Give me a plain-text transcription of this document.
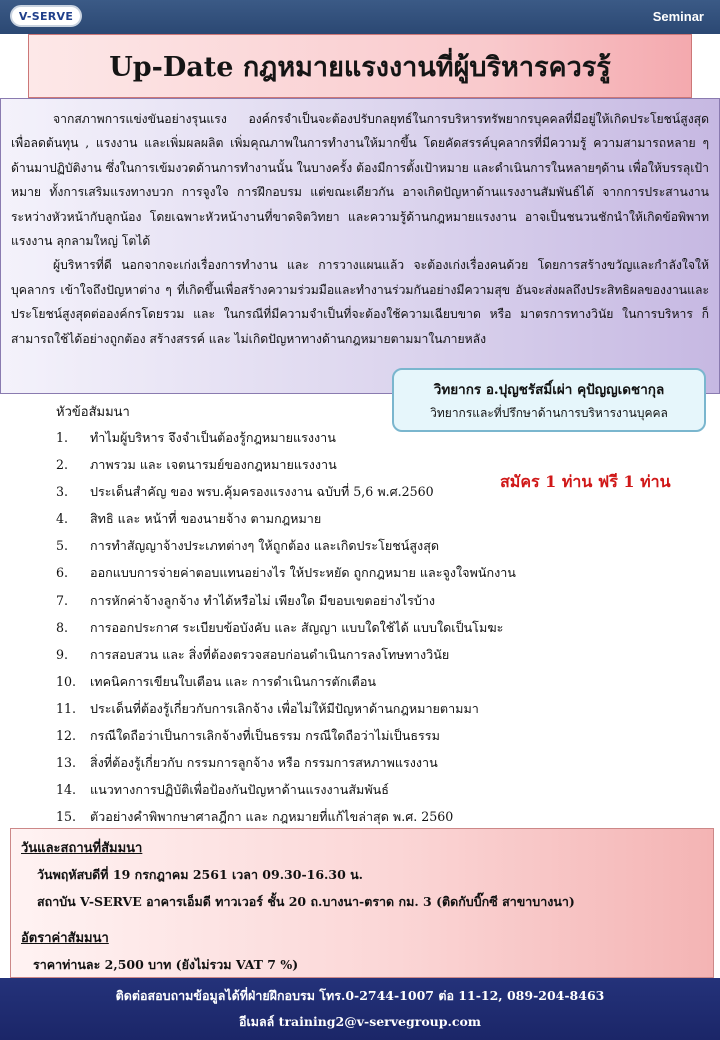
V-SERVE	Seminar
Up-Date กฎหมายแรงงานที่ผู้บริหารควรรู้

จากสภาพการแข่งขันอย่างรุนแรง องค์กรจำเป็นจะต้องปรับกลยุทธ์ในการบริหารทรัพยากรบุคคลที่มีอยู่ให้เกิดประโยชน์สูงสุด เพื่อลดต้นทุน , แรงงาน และเพิ่มผลผลิต เพิ่มคุณภาพในการทำงานให้มากขึ้น โดยคัดสรรค์บุคลากรที่มีความรู้ ความสามารถหลาย ๆ ด้านมาปฏิบัติงาน ซึ่งในการเข้มงวดด้านการทำงานนั้น ในบางครั้ง ต้องมีการตั้งเป้าหมาย และดำเนินการในหลายๆด้าน เพื่อให้บรรลุเป้าหมาย ทั้งการเสริมแรงทางบวก การจูงใจ การฝึกอบรม แต่ขณะเดียวกัน อาจเกิดปัญหาด้านแรงงานสัมพันธ์ได้ จากการประสานงานระหว่างหัวหน้ากับลูกน้อง โดยเฉพาะหัวหน้างานที่ขาดจิตวิทยา และความรู้ด้านกฎหมายแรงงาน อาจเป็นชนวนชักนำให้เกิดข้อพิพาทแรงงาน ลุกลามใหญ่ โตได้

ผู้บริหารที่ดี นอกจากจะเก่งเรื่องการทำงาน และ การวางแผนแล้ว จะต้องเก่งเรื่องคนด้วย โดยการสร้างขวัญและกำลังใจให้บุคลากร เข้าใจถึงปัญหาต่าง ๆ ที่เกิดขึ้นเพื่อสร้างความร่วมมือและทำงานร่วมกันอย่างมีความสุข อันจะส่งผลถึงประสิทธิผลของงานและประโยชน์สูงสุดต่อองค์กรโดยรวม และ ในกรณีที่มีความจำเป็นที่จะต้องใช้ความเฉียบขาด หรือ มาตรการทางวินัย ในการบริหาร ก็สามารถใช้ได้อย่างถูกต้อง สร้างสรรค์ และ ไม่เกิดปัญหาทางด้านกฎหมายตามมาในภายหลัง

หัวข้อสัมมนา
1.	ทำไมผู้บริหาร จึงจำเป็นต้องรู้กฎหมายแรงงาน
2.	ภาพรวม และ เจตนารมย์ของกฎหมายแรงงาน
3.	ประเด็นสำคัญ ของ พรบ.คุ้มครองแรงงาน ฉบับที่ 5,6 พ.ศ.2560
4.	สิทธิ และ หน้าที่ ของนายจ้าง ตามกฎหมาย
5.	การทำสัญญาจ้างประเภทต่างๆ ให้ถูกต้อง และเกิดประโยชน์สูงสุด
6.	ออกแบบการจ่ายค่าตอบแทนอย่างไร ให้ประหยัด ถูกกฎหมาย และจูงใจพนักงาน
7.	การหักค่าจ้างลูกจ้าง ทำได้หรือไม่ เพียงใด มีขอบเขตอย่างไรบ้าง
8.	การออกประกาศ ระเบียบข้อบังคับ และ สัญญา แบบใดใช้ได้ แบบใดเป็นโมฆะ
9.	การสอบสวน และ สิ่งที่ต้องตรวจสอบก่อนดำเนินการลงโทษทางวินัย
10.	เทคนิคการเขียนใบเตือน และ การดำเนินการตักเตือน
11.	ประเด็นที่ต้องรู้เกี่ยวกับการเลิกจ้าง เพื่อไม่ให้มีปัญหาด้านกฎหมายตามมา
12.	กรณีใดถือว่าเป็นการเลิกจ้างที่เป็นธรรม กรณีใดถือว่าไม่เป็นธรรม
13.	สิ่งที่ต้องรู้เกี่ยวกับ กรรมการลูกจ้าง หรือ กรรมการสหภาพแรงงาน
14.	แนวทางการปฏิบัติเพื่อป้องกันปัญหาด้านแรงงานสัมพันธ์
15.	ตัวอย่างคำพิพากษาศาลฎีกา และ กฎหมายที่แก้ไขล่าสุด พ.ศ. 2560
วิทยากร อ.ปุญชรัสมิ์เผ่า คุปัญญเดชากุล
วิทยากรและที่ปรึกษาด้านการบริหารงานบุคคล
สมัคร 1 ท่าน ฟรี 1 ท่าน
วันและสถานที่สัมมนา
วันพฤหัสบดีที่ 19 กรกฎาคม 2561 เวลา 09.30-16.30 น.
สถาบัน V-SERVE อาคารเอ็มดี ทาวเวอร์ ชั้น 20 ถ.บางนา-ตราด กม. 3 (ติดกับบิ๊กซี สาขาบางนา)
อัตราค่าสัมมนา
ราคาท่านละ 2,500 บาท (ยังไม่รวม VAT 7 %)
ติดต่อสอบถามข้อมูลได้ที่ฝ่ายฝึกอบรม โทร.0-2744-1007 ต่อ 11-12, 089-204-8463
อีเมลล์ training2@v-servegroup.com
